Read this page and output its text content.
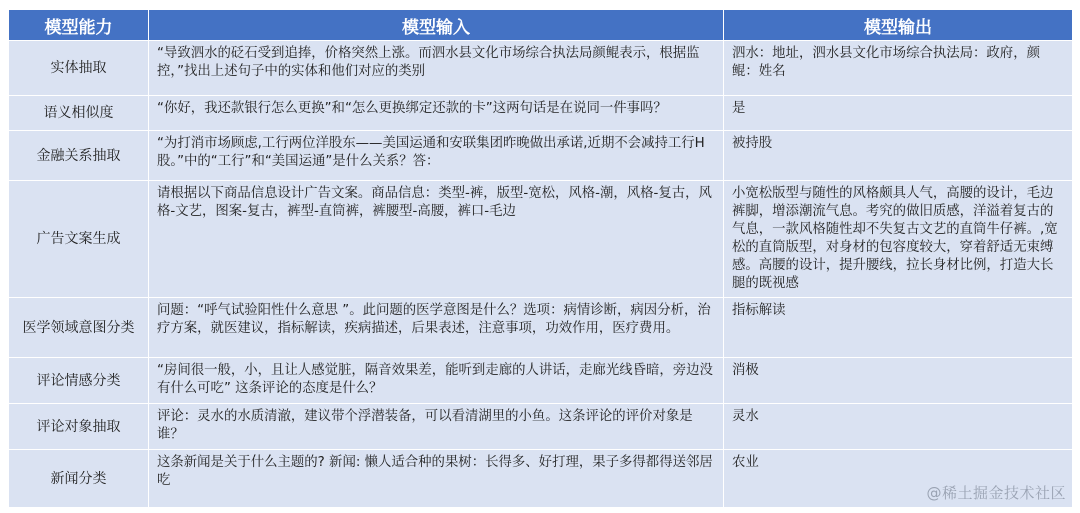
模型能力	模型输入	模型输出
实体抽取	“导致泗水的砭石受到追捧，价格突然上涨。而泗水县文化市场综合执法局颜鲲表示，根据监控，”找出上述句子中的实体和他们对应的类别	泗水：地址，泗水县文化市场综合执法局：政府，颜鲲：姓名
语义相似度	“你好，我还款银行怎么更换”和“怎么更换绑定还款的卡”这两句话是在说同一件事吗？	是
金融关系抽取	“为打消市场顾虑,工行两位洋股东——美国运通和安联集团昨晚做出承诺,近期不会减持工行H股。”中的“工行”和“美国运通”是什么关系？答：	被持股
广告文案生成	请根据以下商品信息设计广告文案。商品信息：类型-裤，版型-宽松，风格-潮，风格-复古，风格-文艺，图案-复古，裤型-直筒裤，裤腰型-高腰，裤口-毛边	小宽松版型与随性的风格颇具人气，高腰的设计，毛边裤脚，增添潮流气息。考究的做旧质感，洋溢着复古的气息，一款风格随性却不失复古文艺的直筒牛仔裤。,宽松的直筒版型，对身材的包容度较大，穿着舒适无束缚感。高腰的设计，提升腰线，拉长身材比例，打造大长腿的既视感
医学领域意图分类	问题：“呼气试验阳性什么意思 ”。此问题的医学意图是什么？选项：病情诊断，病因分析，治疗方案，就医建议，指标解读，疾病描述，后果表述，注意事项，功效作用，医疗费用。	指标解读
评论情感分类	“房间很一般，小，且让人感觉脏，隔音效果差，能听到走廊的人讲话，走廊光线昏暗，旁边没有什么可吃” 这条评论的态度是什么？	消极
评论对象抽取	评论：灵水的水质清澈，建议带个浮潜装备，可以看清湖里的小鱼。这条评论的评价对象是谁？	灵水
新闻分类	这条新闻是关于什么主题的? 新闻: 懒人适合种的果树：长得多、好打理，果子多得都得送邻居吃	农业
@稀土掘金技术社区
